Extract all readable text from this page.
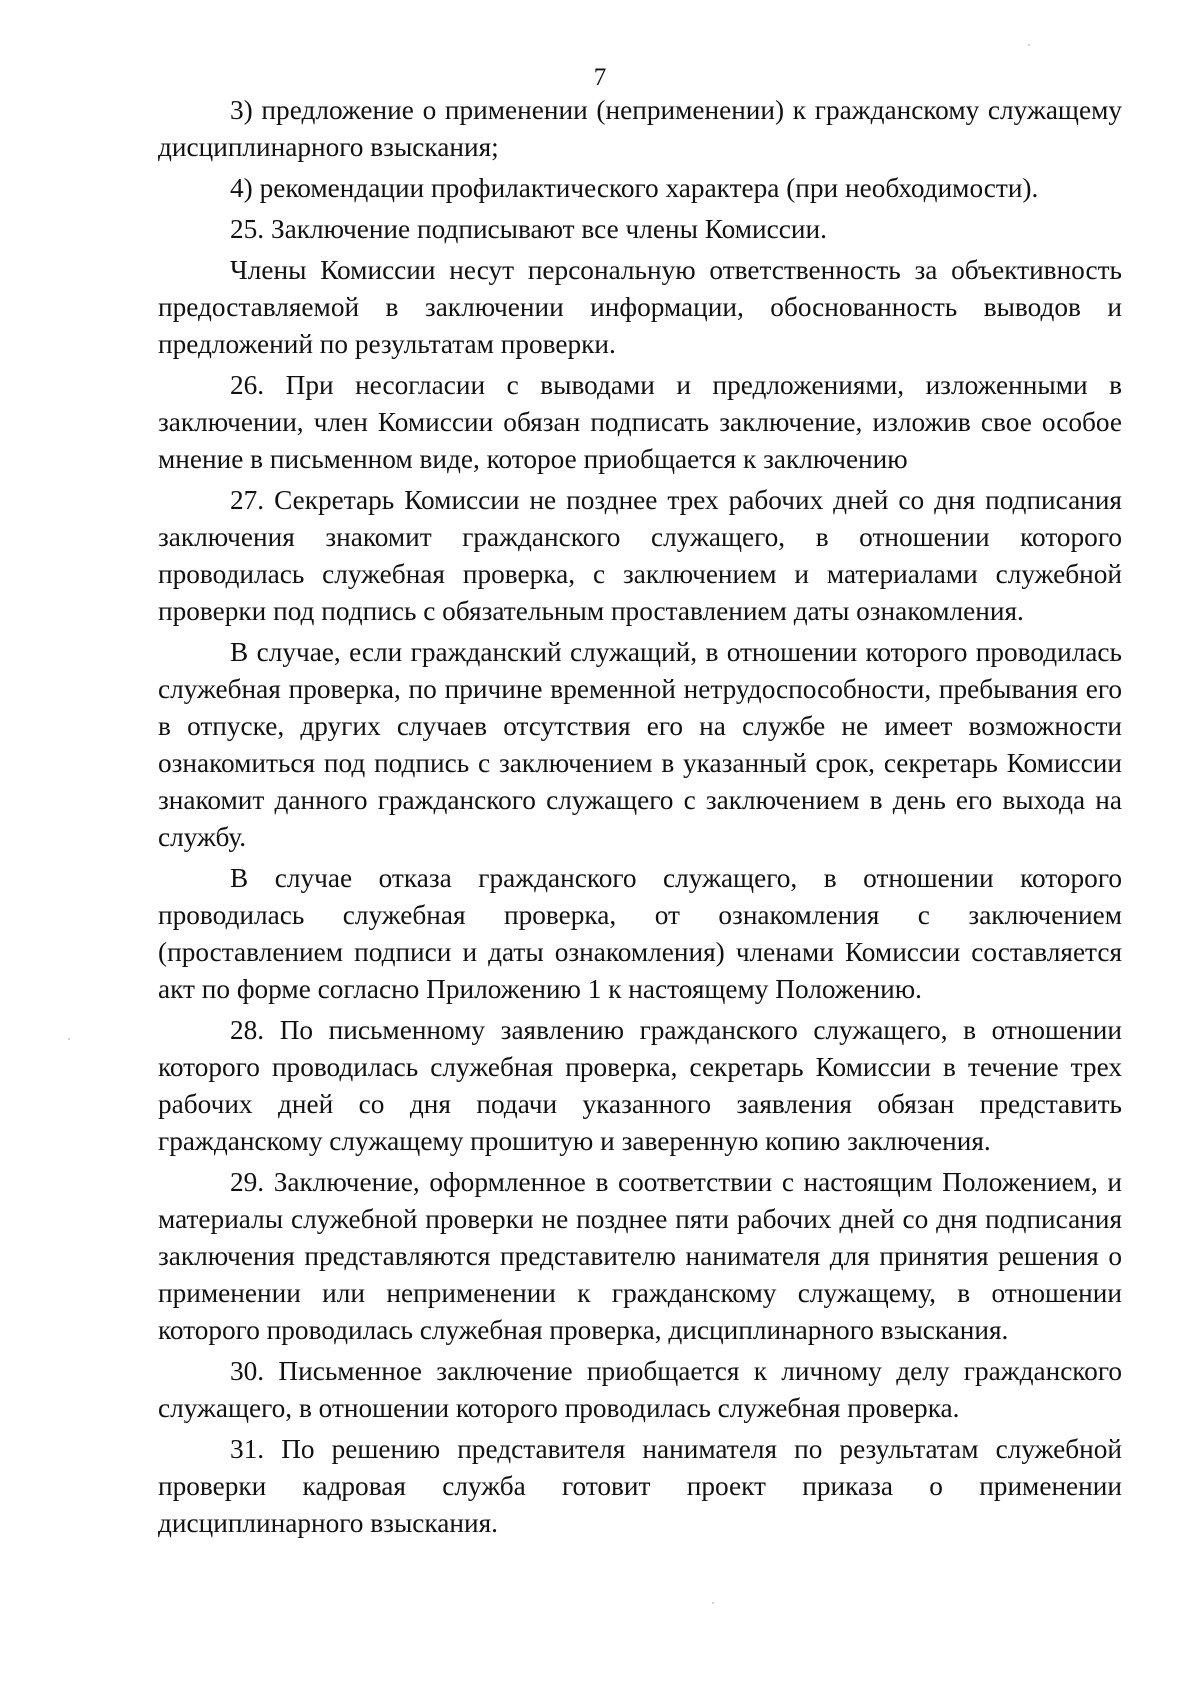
7

3) предложение о применении (неприменении) к гражданскому служащему дисциплинарного взыскания;

4) рекомендации профилактического характера (при необходимости).

25. Заключение подписывают все члены Комиссии.

Члены Комиссии несут персональную ответственность за объективность предоставляемой в заключении информации, обоснованность выводов и предложений по результатам проверки.

26. При несогласии с выводами и предложениями, изложенными в заключении, член Комиссии обязан подписать заключение, изложив свое особое мнение в письменном виде, которое приобщается к заключению

27. Секретарь Комиссии не позднее трех рабочих дней со дня подписания заключения знакомит гражданского служащего, в отношении которого проводилась служебная проверка, с заключением и материалами служебной проверки под подпись с обязательным проставлением даты ознакомления.

В случае, если гражданский служащий, в отношении которого проводилась служебная проверка, по причине временной нетрудоспособности, пребывания его в отпуске, других случаев отсутствия его на службе не имеет возможности ознакомиться под подпись с заключением в указанный срок, секретарь Комиссии знакомит данного гражданского служащего с заключением в день его выхода на службу.

В случае отказа гражданского служащего, в отношении которого проводилась служебная проверка, от ознакомления с заключением (проставлением подписи и даты ознакомления) членами Комиссии составляется акт по форме согласно Приложению 1 к настоящему Положению.

28. По письменному заявлению гражданского служащего, в отношении которого проводилась служебная проверка, секретарь Комиссии в течение трех рабочих дней со дня подачи указанного заявления обязан представить гражданскому служащему прошитую и заверенную копию заключения.

29. Заключение, оформленное в соответствии с настоящим Положением, и материалы служебной проверки не позднее пяти рабочих дней со дня подписания заключения представляются представителю нанимателя для принятия решения о применении или неприменении к гражданскому служащему, в отношении которого проводилась служебная проверка, дисциплинарного взыскания.

30. Письменное заключение приобщается к личному делу гражданского служащего, в отношении которого проводилась служебная проверка.

31. По решению представителя нанимателя по результатам служебной проверки кадровая служба готовит проект приказа о применении дисциплинарного взыскания.
